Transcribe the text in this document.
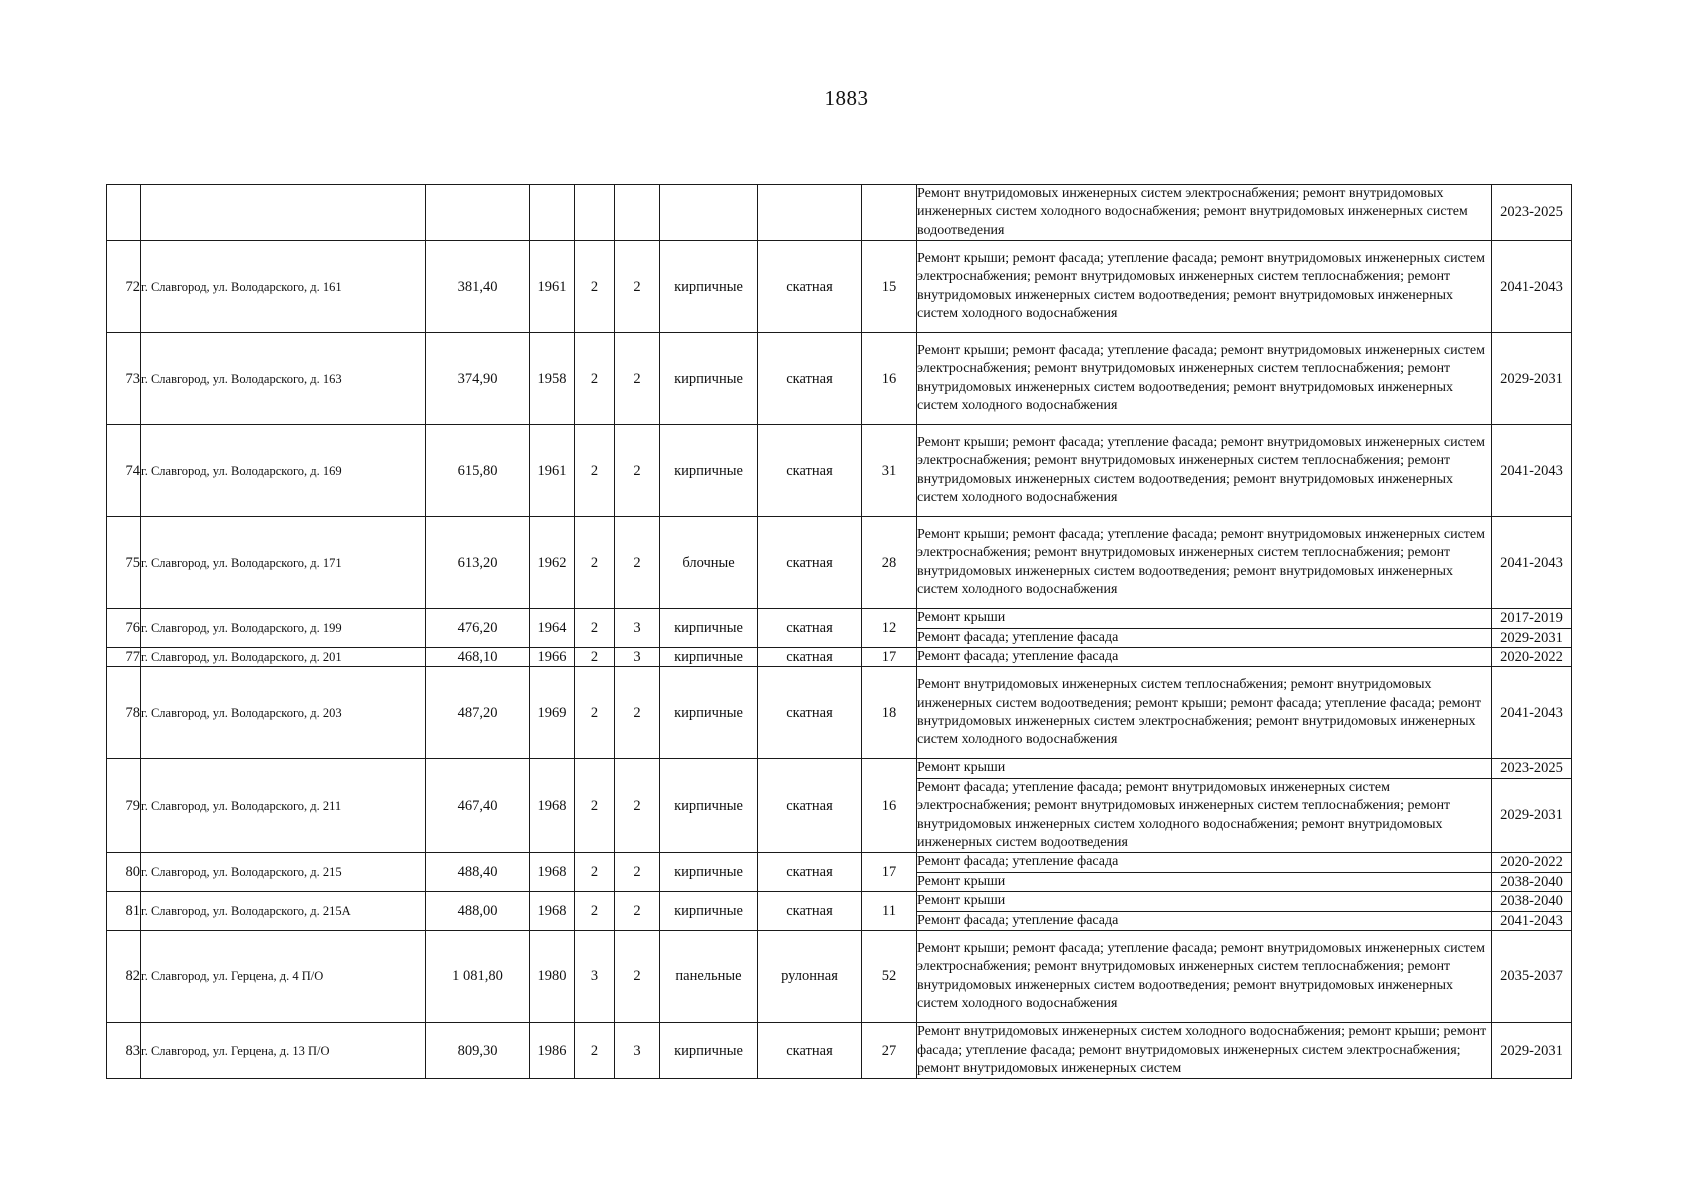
1883
									Ремонт внутридомовых инженерных систем электроснабжения; ремонт внутридомовых инженерных систем холодного водоснабжения; ремонт внутридомовых инженерных систем водоотведения	2023-2025
72	г. Славгород, ул. Володарского, д. 161	381,40	1961	2	2	кирпичные	скатная	15	Ремонт крыши; ремонт фасада; утепление фасада; ремонт внутридомовых инженерных систем электроснабжения; ремонт внутридомовых инженерных систем теплоснабжения; ремонт внутридомовых инженерных систем водоотведения; ремонт внутридомовых инженерных систем холодного водоснабжения	2041-2043
73	г. Славгород, ул. Володарского, д. 163	374,90	1958	2	2	кирпичные	скатная	16	Ремонт крыши; ремонт фасада; утепление фасада; ремонт внутридомовых инженерных систем электроснабжения; ремонт внутридомовых инженерных систем теплоснабжения; ремонт внутридомовых инженерных систем водоотведения; ремонт внутридомовых инженерных систем холодного водоснабжения	2029-2031
74	г. Славгород, ул. Володарского, д. 169	615,80	1961	2	2	кирпичные	скатная	31	Ремонт крыши; ремонт фасада; утепление фасада; ремонт внутридомовых инженерных систем электроснабжения; ремонт внутридомовых инженерных систем теплоснабжения; ремонт внутридомовых инженерных систем водоотведения; ремонт внутридомовых инженерных систем холодного водоснабжения	2041-2043
75	г. Славгород, ул. Володарского, д. 171	613,20	1962	2	2	блочные	скатная	28	Ремонт крыши; ремонт фасада; утепление фасада; ремонт внутридомовых инженерных систем электроснабжения; ремонт внутридомовых инженерных систем теплоснабжения; ремонт внутридомовых инженерных систем водоотведения; ремонт внутридомовых инженерных систем холодного водоснабжения	2041-2043
76	г. Славгород, ул. Володарского, д. 199	476,20	1964	2	3	кирпичные	скатная	12	Ремонт крыши	2017-2019
									Ремонт фасада; утепление фасада	2029-2031
77	г. Славгород, ул. Володарского, д. 201	468,10	1966	2	3	кирпичные	скатная	17	Ремонт фасада; утепление фасада	2020-2022
78	г. Славгород, ул. Володарского, д. 203	487,20	1969	2	2	кирпичные	скатная	18	Ремонт внутридомовых инженерных систем теплоснабжения; ремонт внутридомовых инженерных систем водоотведения; ремонт крыши; ремонт фасада; утепление фасада; ремонт внутридомовых инженерных систем электроснабжения; ремонт внутридомовых инженерных систем холодного водоснабжения	2041-2043
79	г. Славгород, ул. Володарского, д. 211	467,40	1968	2	2	кирпичные	скатная	16	Ремонт крыши	2023-2025
									Ремонт фасада; утепление фасада; ремонт внутридомовых инженерных систем электроснабжения; ремонт внутридомовых инженерных систем теплоснабжения; ремонт внутридомовых инженерных систем холодного водоснабжения; ремонт внутридомовых инженерных систем водоотведения	2029-2031
80	г. Славгород, ул. Володарского, д. 215	488,40	1968	2	2	кирпичные	скатная	17	Ремонт фасада; утепление фасада	2020-2022
									Ремонт крыши	2038-2040
81	г. Славгород, ул. Володарского, д. 215А	488,00	1968	2	2	кирпичные	скатная	11	Ремонт крыши	2038-2040
									Ремонт фасада; утепление фасада	2041-2043
82	г. Славгород, ул. Герцена, д. 4 П/О	1 081,80	1980	3	2	панельные	рулонная	52	Ремонт крыши; ремонт фасада; утепление фасада; ремонт внутридомовых инженерных систем электроснабжения; ремонт внутридомовых инженерных систем теплоснабжения; ремонт внутридомовых инженерных систем водоотведения; ремонт внутридомовых инженерных систем холодного водоснабжения	2035-2037
83	г. Славгород, ул. Герцена, д. 13 П/О	809,30	1986	2	3	кирпичные	скатная	27	Ремонт внутридомовых инженерных систем холодного водоснабжения; ремонт крыши; ремонт фасада; утепление фасада; ремонт внутридомовых инженерных систем электроснабжения; ремонт внутридомовых инженерных систем	2029-2031
